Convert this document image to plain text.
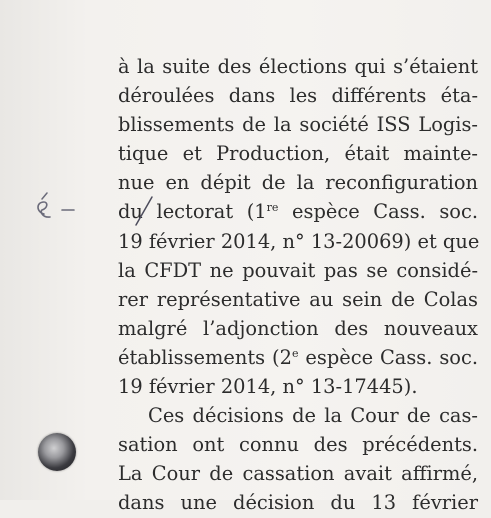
à la suite des élections qui s’étaient
déroulées dans les différents éta-
blissements de la société ISS Logis-
tique et Production, était mainte-
nue en dépit de la reconfiguration
du lectorat (1re espèce Cass. soc.
19 février 2014, n° 13-20069) et que
la CFDT ne pouvait pas se considé-
rer représentative au sein de Colas
malgré l’adjonction des nouveaux
établissements (2e espèce Cass. soc.
19 février 2014, n° 13-17445).
Ces décisions de la Cour de cas-
sation ont connu des précédents.
La Cour de cassation avait affirmé,
dans une décision du 13 février
